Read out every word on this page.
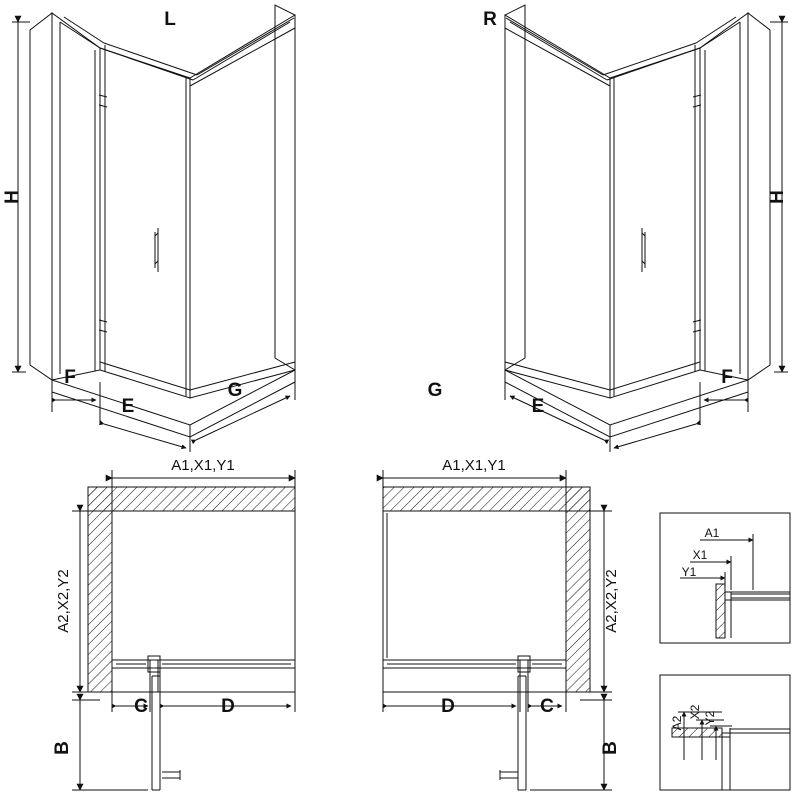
L	R
H	H
F
E
G	G
E
F
A1,X1,Y1	A1,X1,Y1
A2,X2,Y2	A2,X2,Y2
C	D
B
D	C
B
A1
X1
Y1
A2
X2 Y2
